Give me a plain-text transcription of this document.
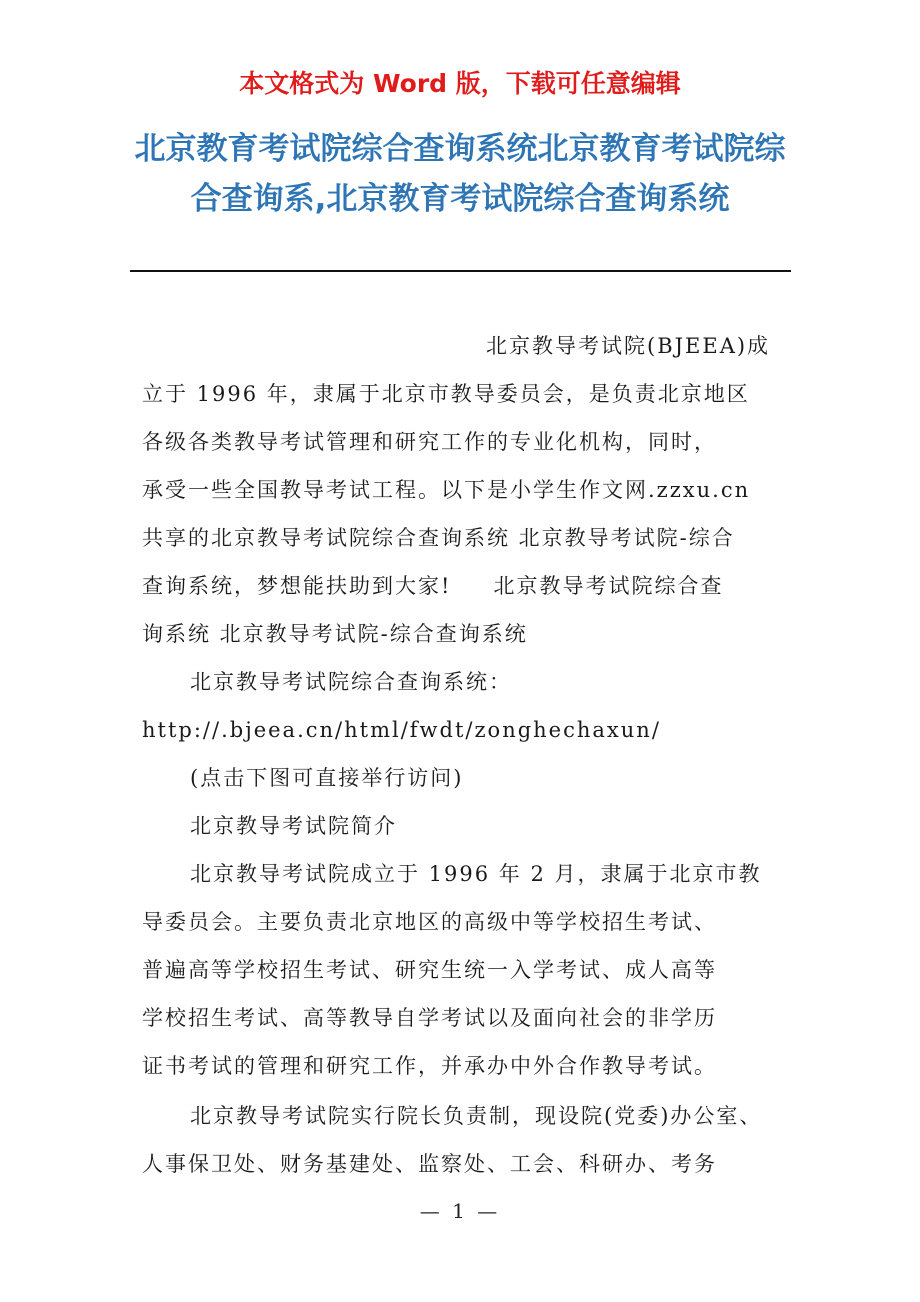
本文格式为 Word 版，下载可任意编辑
北京教育考试院综合查询系统北京教育考试院综合查询系,北京教育考试院综合查询系统
北京教导考试院(BJEEA)成
立于 1996 年，隶属于北京市教导委员会，是负责北京地区
各级各类教导考试管理和研究工作的专业化机构，同时，
承受一些全国教导考试工程。以下是小学生作文网.zzxu.cn
共享的北京教导考试院综合查询系统 北京教导考试院-综合
查询系统，梦想能扶助到大家! 北京教导考试院综合查
询系统 北京教导考试院-综合查询系统
北京教导考试院综合查询系统：
http://.bjeea.cn/html/fwdt/zonghechaxun/
(点击下图可直接举行访问)
北京教导考试院简介
北京教导考试院成立于 1996 年 2 月，隶属于北京市教
导委员会。主要负责北京地区的高级中等学校招生考试、
普遍高等学校招生考试、研究生统一入学考试、成人高等
学校招生考试、高等教导自学考试以及面向社会的非学历
证书考试的管理和研究工作，并承办中外合作教导考试。
北京教导考试院实行院长负责制，现设院(党委)办公室、
人事保卫处、财务基建处、监察处、工会、科研办、考务
— 1 —
